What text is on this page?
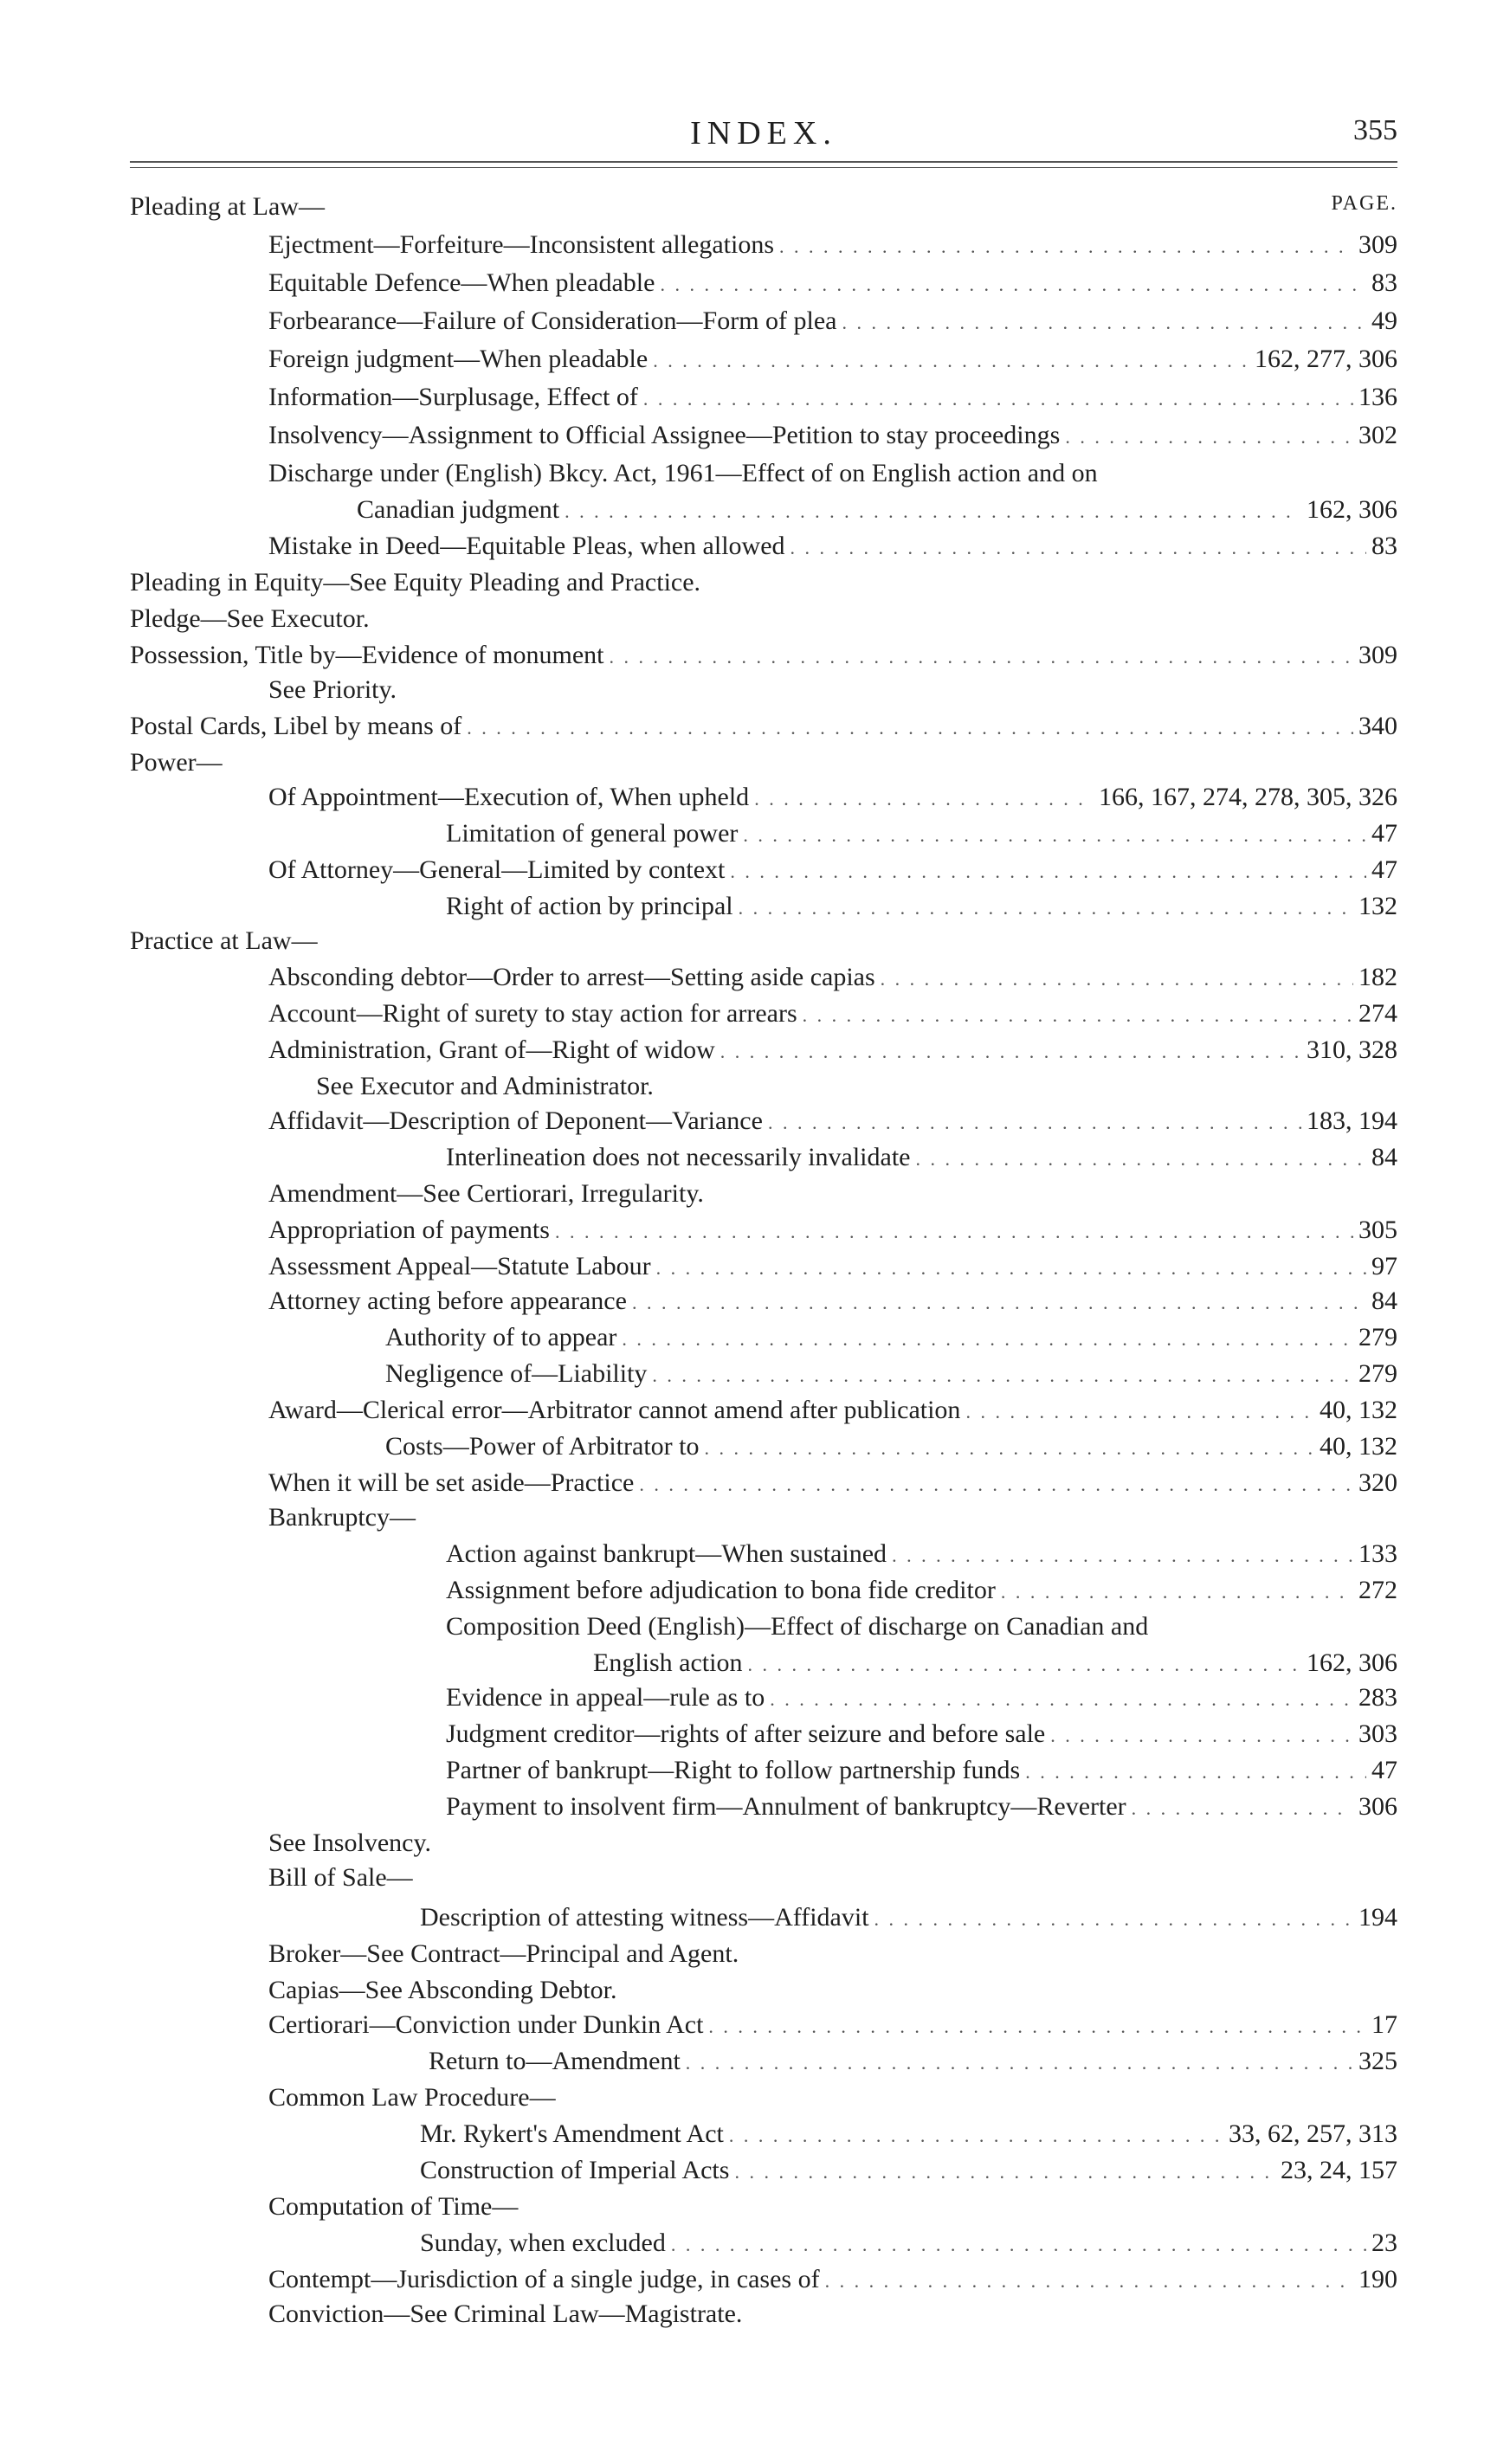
INDEX.	355
PAGE.
Pleading at Law—
Ejectment—Forfeiture—Inconsistent allegations . . .	309
Equitable Defence—When pleadable . . .	83
Forbearance—Failure of Consideration—Form of plea . . .	49
Foreign judgment—When pleadable . . .	162, 277, 306
Information—Surplusage, Effect of . . .	136
Insolvency—Assignment to Official Assignee—Petition to stay proceedings . . .	302
Discharge under (English) Bkcy. Act, 1961—Effect of on English action and on
Canadian judgment . . .	162, 306
Mistake in Deed—Equitable Pleas, when allowed . . .	83
Pleading in Equity—See Equity Pleading and Practice.
Pledge—See Executor.
Possession, Title by—Evidence of monument . . .	309
See Priority.
Postal Cards, Libel by means of . . .	340
Power—
Of Appointment—Execution of, When upheld . . .	166, 167, 274, 278, 305, 326
Limitation of general power . . .	47
Of Attorney—General—Limited by context . . .	47
Right of action by principal . . .	132
Practice at Law—
Absconding debtor—Order to arrest—Setting aside capias . . .	182
Account—Right of surety to stay action for arrears . . .	274
Administration, Grant of—Right of widow . . .	310, 328
See Executor and Administrator.
Affidavit—Description of Deponent—Variance . . .	183, 194
Interlineation does not necessarily invalidate . . .	84
Amendment—See Certiorari, Irregularity.
Appropriation of payments . . .	305
Assessment Appeal—Statute Labour . . .	97
Attorney acting before appearance . . .	84
Authority of to appear . . .	279
Negligence of—Liability . . .	279
Award—Clerical error—Arbitrator cannot amend after publication . . .	40, 132
Costs—Power of Arbitrator to . . .	40, 132
When it will be set aside—Practice . . .	320
Bankruptcy—
Action against bankrupt—When sustained . . .	133
Assignment before adjudication to bona fide creditor . . .	272
Composition Deed (English)—Effect of discharge on Canadian and
English action . . .	162, 306
Evidence in appeal—rule as to . . .	283
Judgment creditor—rights of after seizure and before sale . . .	303
Partner of bankrupt—Right to follow partnership funds . . .	47
Payment to insolvent firm—Annulment of bankruptcy—Reverter . . .	306
See Insolvency.
Bill of Sale—
Description of attesting witness—Affidavit . . .	194
Broker—See Contract—Principal and Agent.
Capias—See Absconding Debtor.
Certiorari—Conviction under Dunkin Act . . .	17
Return to—Amendment . . .	325
Common Law Procedure—
Mr. Rykert's Amendment Act . . .	33, 62, 257, 313
Construction of Imperial Acts . . .	23, 24, 157
Computation of Time—
Sunday, when excluded . . .	23
Contempt—Jurisdiction of a single judge, in cases of . . .	190
Conviction—See Criminal Law—Magistrate.
